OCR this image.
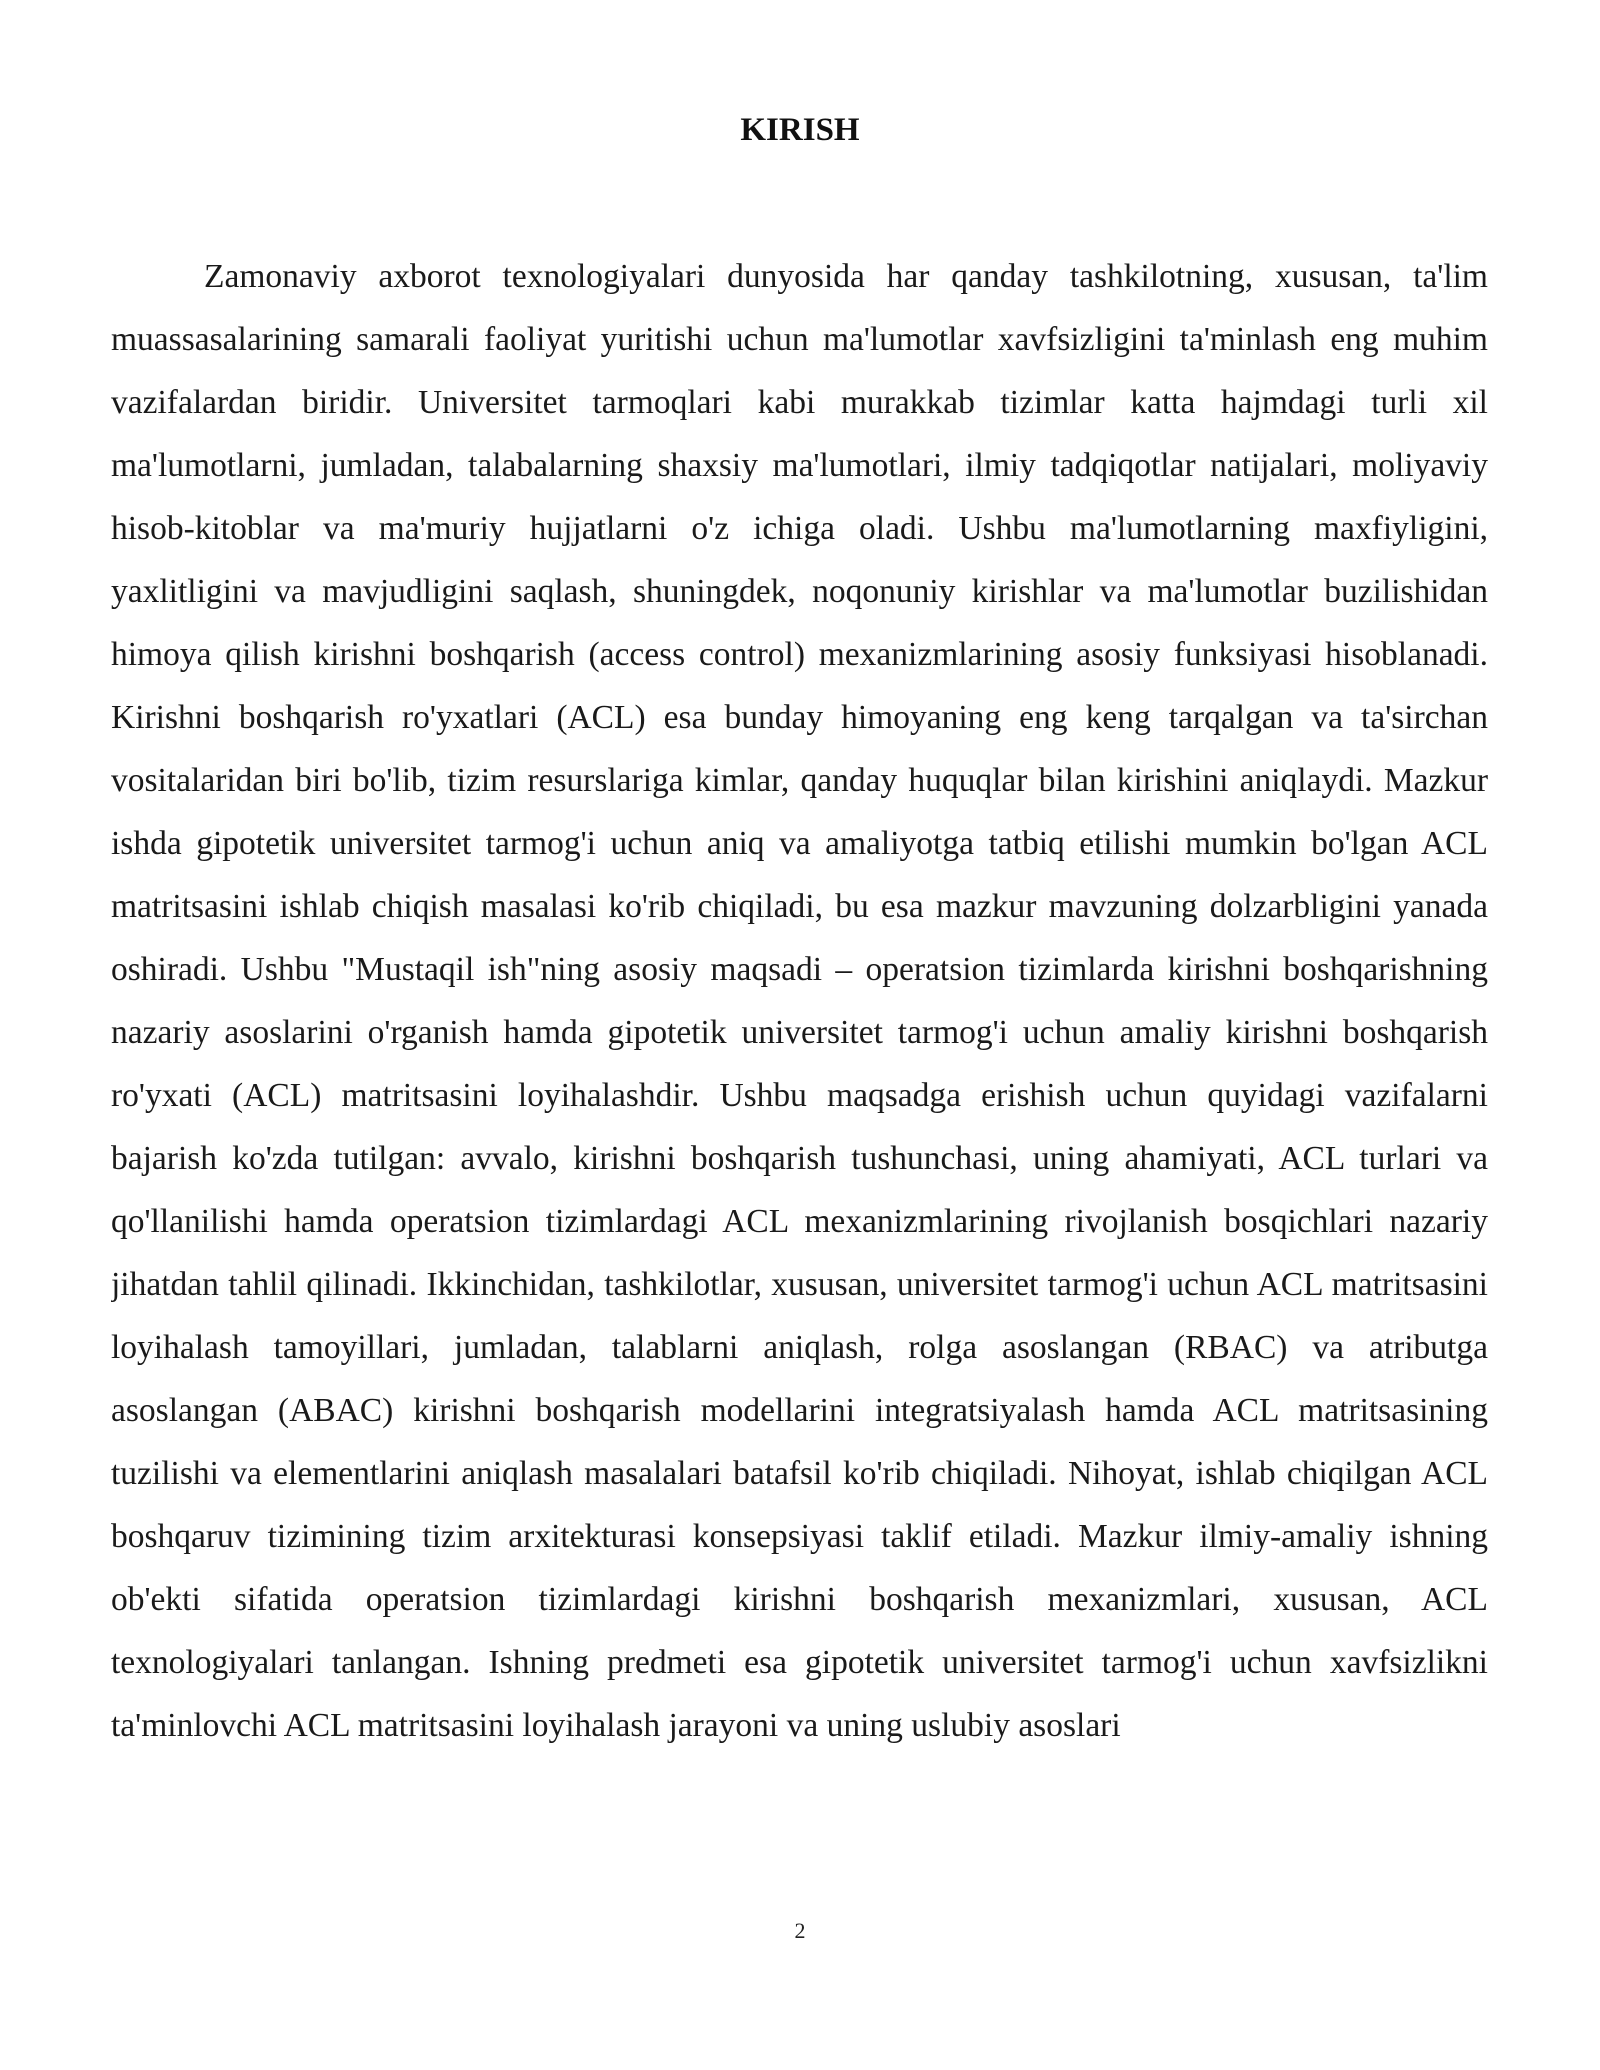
KIRISH

Zamonaviy axborot texnologiyalari dunyosida har qanday tashkilotning, xususan, ta'lim muassasalarining samarali faoliyat yuritishi uchun ma'lumotlar xavfsizligini ta'minlash eng muhim vazifalardan biridir. Universitet tarmoqlari kabi murakkab tizimlar katta hajmdagi turli xil ma'lumotlarni, jumladan, talabalarning shaxsiy ma'lumotlari, ilmiy tadqiqotlar natijalari, moliyaviy hisob-kitoblar va ma'muriy hujjatlarni o'z ichiga oladi. Ushbu ma'lumotlarning maxfiyligini, yaxlitligini va mavjudligini saqlash, shuningdek, noqonuniy kirishlar va ma'lumotlar buzilishidan himoya qilish kirishni boshqarish (access control) mexanizmlarining asosiy funksiyasi hisoblanadi. Kirishni boshqarish ro'yxatlari (ACL) esa bunday himoyaning eng keng tarqalgan va ta'sirchan vositalaridan biri bo'lib, tizim resurslariga kimlar, qanday huquqlar bilan kirishini aniqlaydi. Mazkur ishda gipotetik universitet tarmog'i uchun aniq va amaliyotga tatbiq etilishi mumkin bo'lgan ACL matritsasini ishlab chiqish masalasi ko'rib chiqiladi, bu esa mazkur mavzuning dolzarbligini yanada oshiradi. Ushbu "Mustaqil ish"ning asosiy maqsadi – operatsion tizimlarda kirishni boshqarishning nazariy asoslarini o'rganish hamda gipotetik universitet tarmog'i uchun amaliy kirishni boshqarish ro'yxati (ACL) matritsasini loyihalashdir. Ushbu maqsadga erishish uchun quyidagi vazifalarni bajarish ko'zda tutilgan: avvalo, kirishni boshqarish tushunchasi, uning ahamiyati, ACL turlari va qo'llanilishi hamda operatsion tizimlardagi ACL mexanizmlarining rivojlanish bosqichlari nazariy jihatdan tahlil qilinadi. Ikkinchidan, tashkilotlar, xususan, universitet tarmog'i uchun ACL matritsasini loyihalash tamoyillari, jumladan, talablarni aniqlash, rolga asoslangan (RBAC) va atributga asoslangan (ABAC) kirishni boshqarish modellarini integratsiyalash hamda ACL matritsasining tuzilishi va elementlarini aniqlash masalalari batafsil ko'rib chiqiladi. Nihoyat, ishlab chiqilgan ACL boshqaruv tizimining tizim arxitekturasi konsepsiyasi taklif etiladi. Mazkur ilmiy-amaliy ishning ob'ekti sifatida operatsion tizimlardagi kirishni boshqarish mexanizmlari, xususan, ACL texnologiyalari tanlangan. Ishning predmeti esa gipotetik universitet tarmog'i uchun xavfsizlikni ta'minlovchi ACL matritsasini loyihalash jarayoni va uning uslubiy asoslari

2
